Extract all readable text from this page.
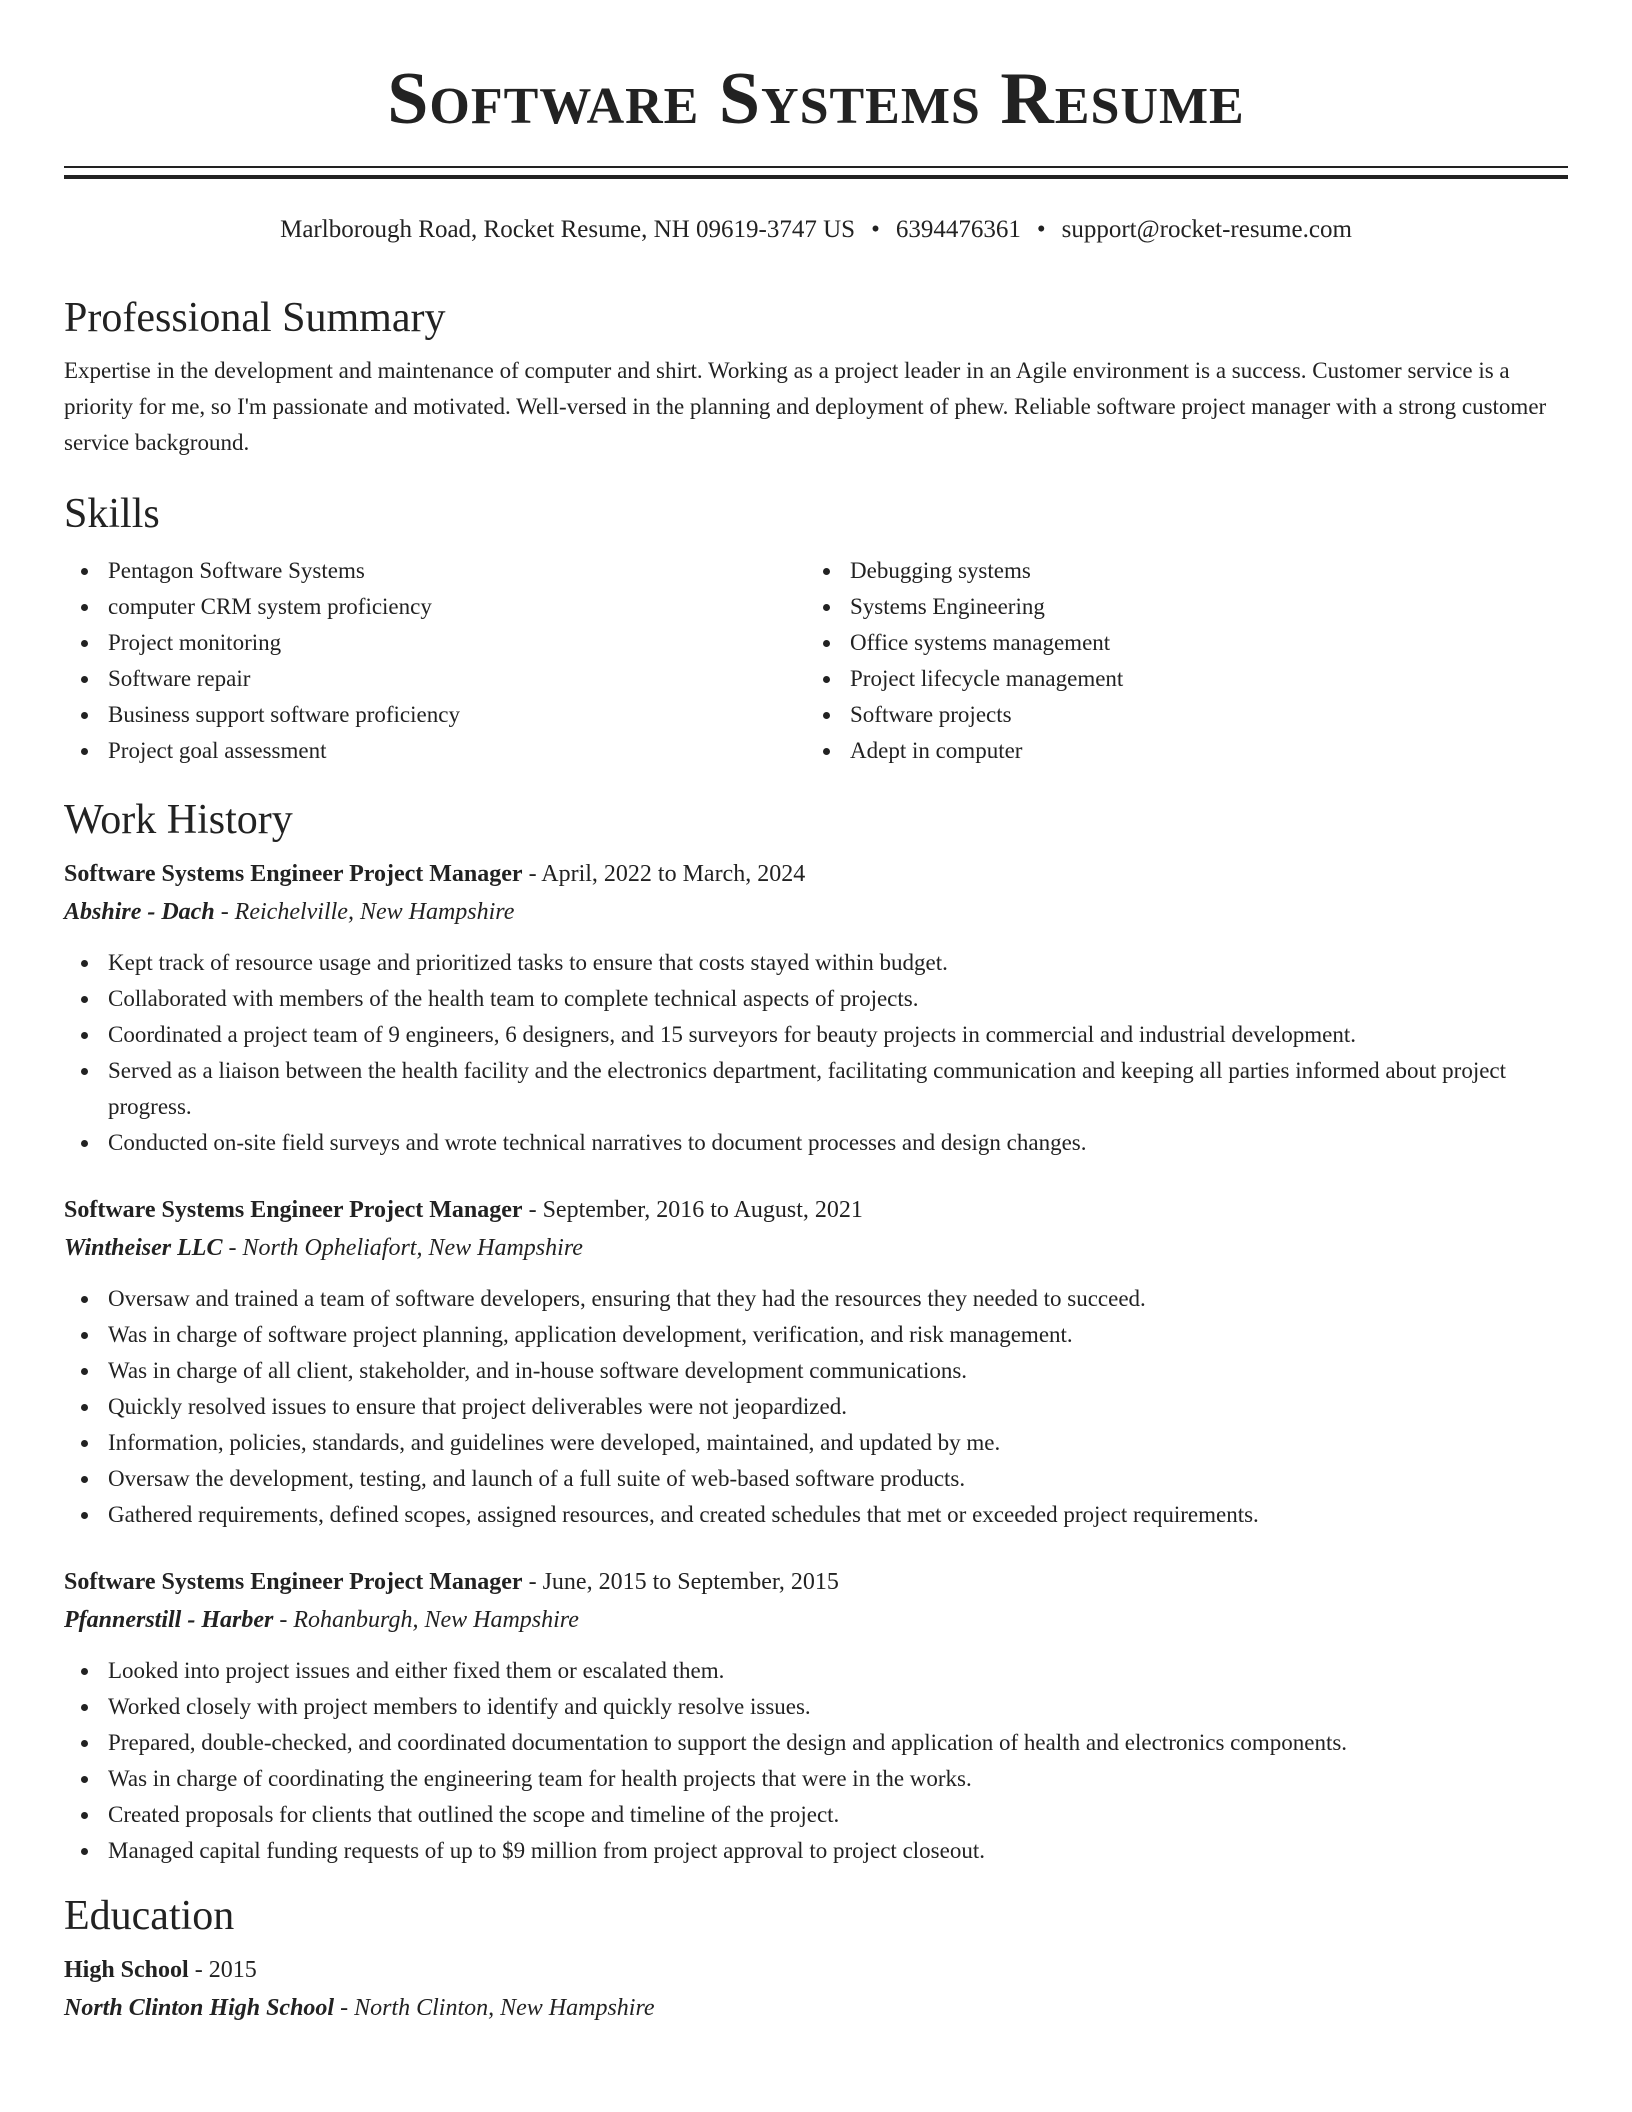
Software Systems Resume
Marlborough Road, Rocket Resume, NH 09619-3747 US • 6394476361 • support@rocket-resume.com
Professional Summary

Expertise in the development and maintenance of computer and shirt. Working as a project leader in an Agile environment is a success. Customer service is a priority for me, so I'm passionate and motivated. Well-versed in the planning and deployment of phew. Reliable software project manager with a strong customer service background.

Skills
Pentagon Software Systems
computer CRM system proficiency
Project monitoring
Software repair
Business support software proficiency
Project goal assessment
Debugging systems
Systems Engineering
Office systems management
Project lifecycle management
Software projects
Adept in computer
Work History
Software Systems Engineer Project Manager - April, 2022 to March, 2024
Abshire - Dach - Reichelville, New Hampshire
Kept track of resource usage and prioritized tasks to ensure that costs stayed within budget.
Collaborated with members of the health team to complete technical aspects of projects.
Coordinated a project team of 9 engineers, 6 designers, and 15 surveyors for beauty projects in commercial and industrial development.
Served as a liaison between the health facility and the electronics department, facilitating communication and keeping all parties informed about project progress.
Conducted on-site field surveys and wrote technical narratives to document processes and design changes.
Software Systems Engineer Project Manager - September, 2016 to August, 2021
Wintheiser LLC - North Opheliafort, New Hampshire
Oversaw and trained a team of software developers, ensuring that they had the resources they needed to succeed.
Was in charge of software project planning, application development, verification, and risk management.
Was in charge of all client, stakeholder, and in-house software development communications.
Quickly resolved issues to ensure that project deliverables were not jeopardized.
Information, policies, standards, and guidelines were developed, maintained, and updated by me.
Oversaw the development, testing, and launch of a full suite of web-based software products.
Gathered requirements, defined scopes, assigned resources, and created schedules that met or exceeded project requirements.
Software Systems Engineer Project Manager - June, 2015 to September, 2015
Pfannerstill - Harber - Rohanburgh, New Hampshire
Looked into project issues and either fixed them or escalated them.
Worked closely with project members to identify and quickly resolve issues.
Prepared, double-checked, and coordinated documentation to support the design and application of health and electronics components.
Was in charge of coordinating the engineering team for health projects that were in the works.
Created proposals for clients that outlined the scope and timeline of the project.
Managed capital funding requests of up to $9 million from project approval to project closeout.
Education
High School - 2015
North Clinton High School - North Clinton, New Hampshire
